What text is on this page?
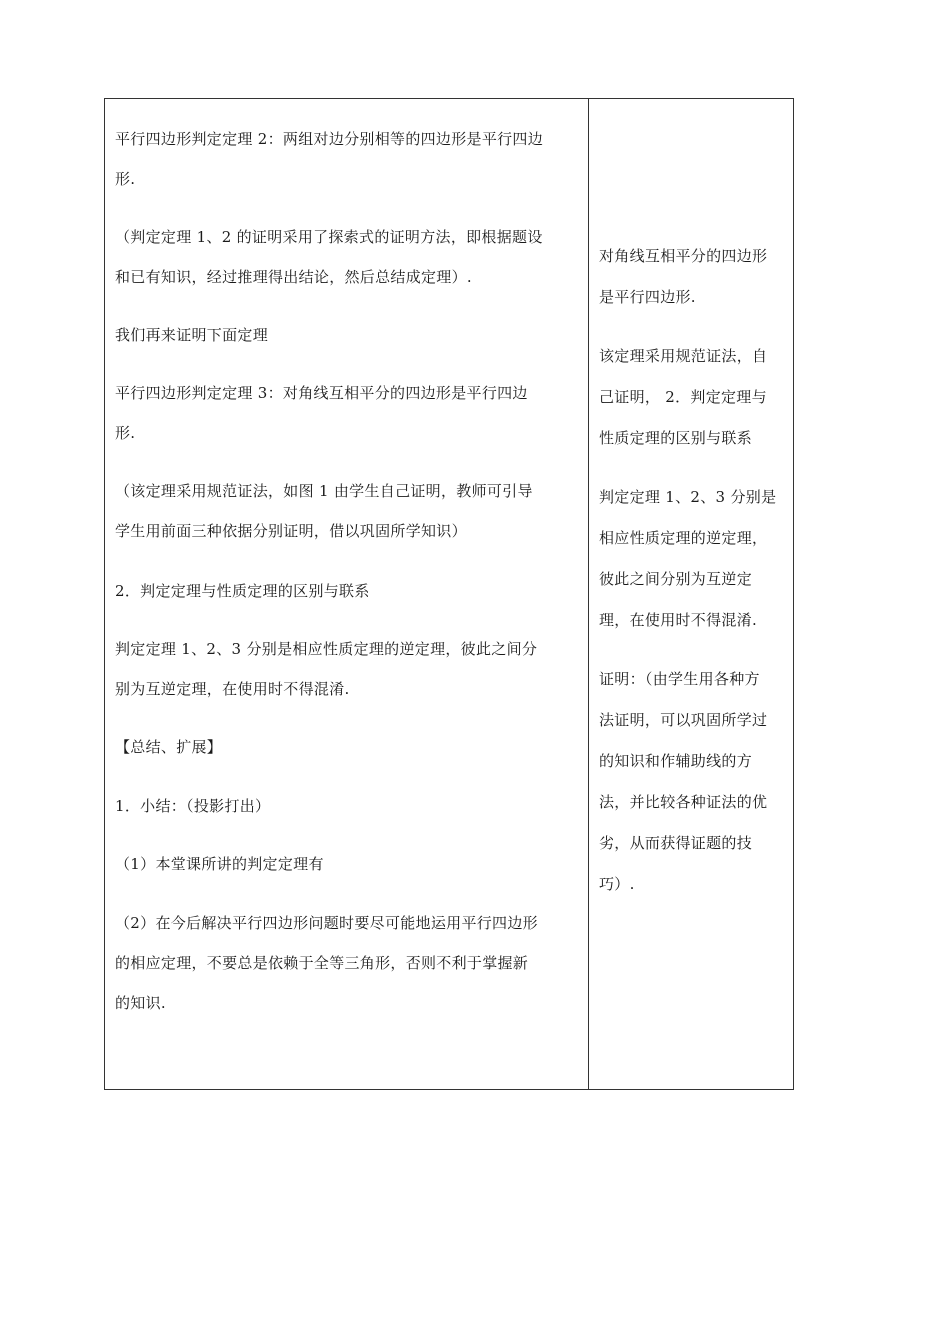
平行四边形判定定理 2：两组对边分别相等的四边形是平行四边
形.

（判定定理 1、2 的证明采用了探索式的证明方法，即根据题设
和已有知识，经过推理得出结论，然后总结成定理）.

我们再来证明下面定理

平行四边形判定定理 3：对角线互相平分的四边形是平行四边
形.

（该定理采用规范证法，如图 1 由学生自己证明，教师可引导
学生用前面三种依据分别证明，借以巩固所学知识）

2．判定定理与性质定理的区别与联系

判定定理 1、2、3 分别是相应性质定理的逆定理，彼此之间分
别为互逆定理，在使用时不得混淆.

【总结、扩展】

1．小结：（投影打出）

（1）本堂课所讲的判定定理有

（2）在今后解决平行四边形问题时要尽可能地运用平行四边形
的相应定理，不要总是依赖于全等三角形，否则不利于掌握新
的知识.

对角线互相平分的四边形
是平行四边形.

该定理采用规范证法，自
己证明， 2．判定定理与
性质定理的区别与联系

判定定理 1、2、3 分别是
相应性质定理的逆定理，
彼此之间分别为互逆定
理，在使用时不得混淆.

证明：（由学生用各种方
法证明，可以巩固所学过
的知识和作辅助线的方
法，并比较各种证法的优
劣，从而获得证题的技
巧）.
